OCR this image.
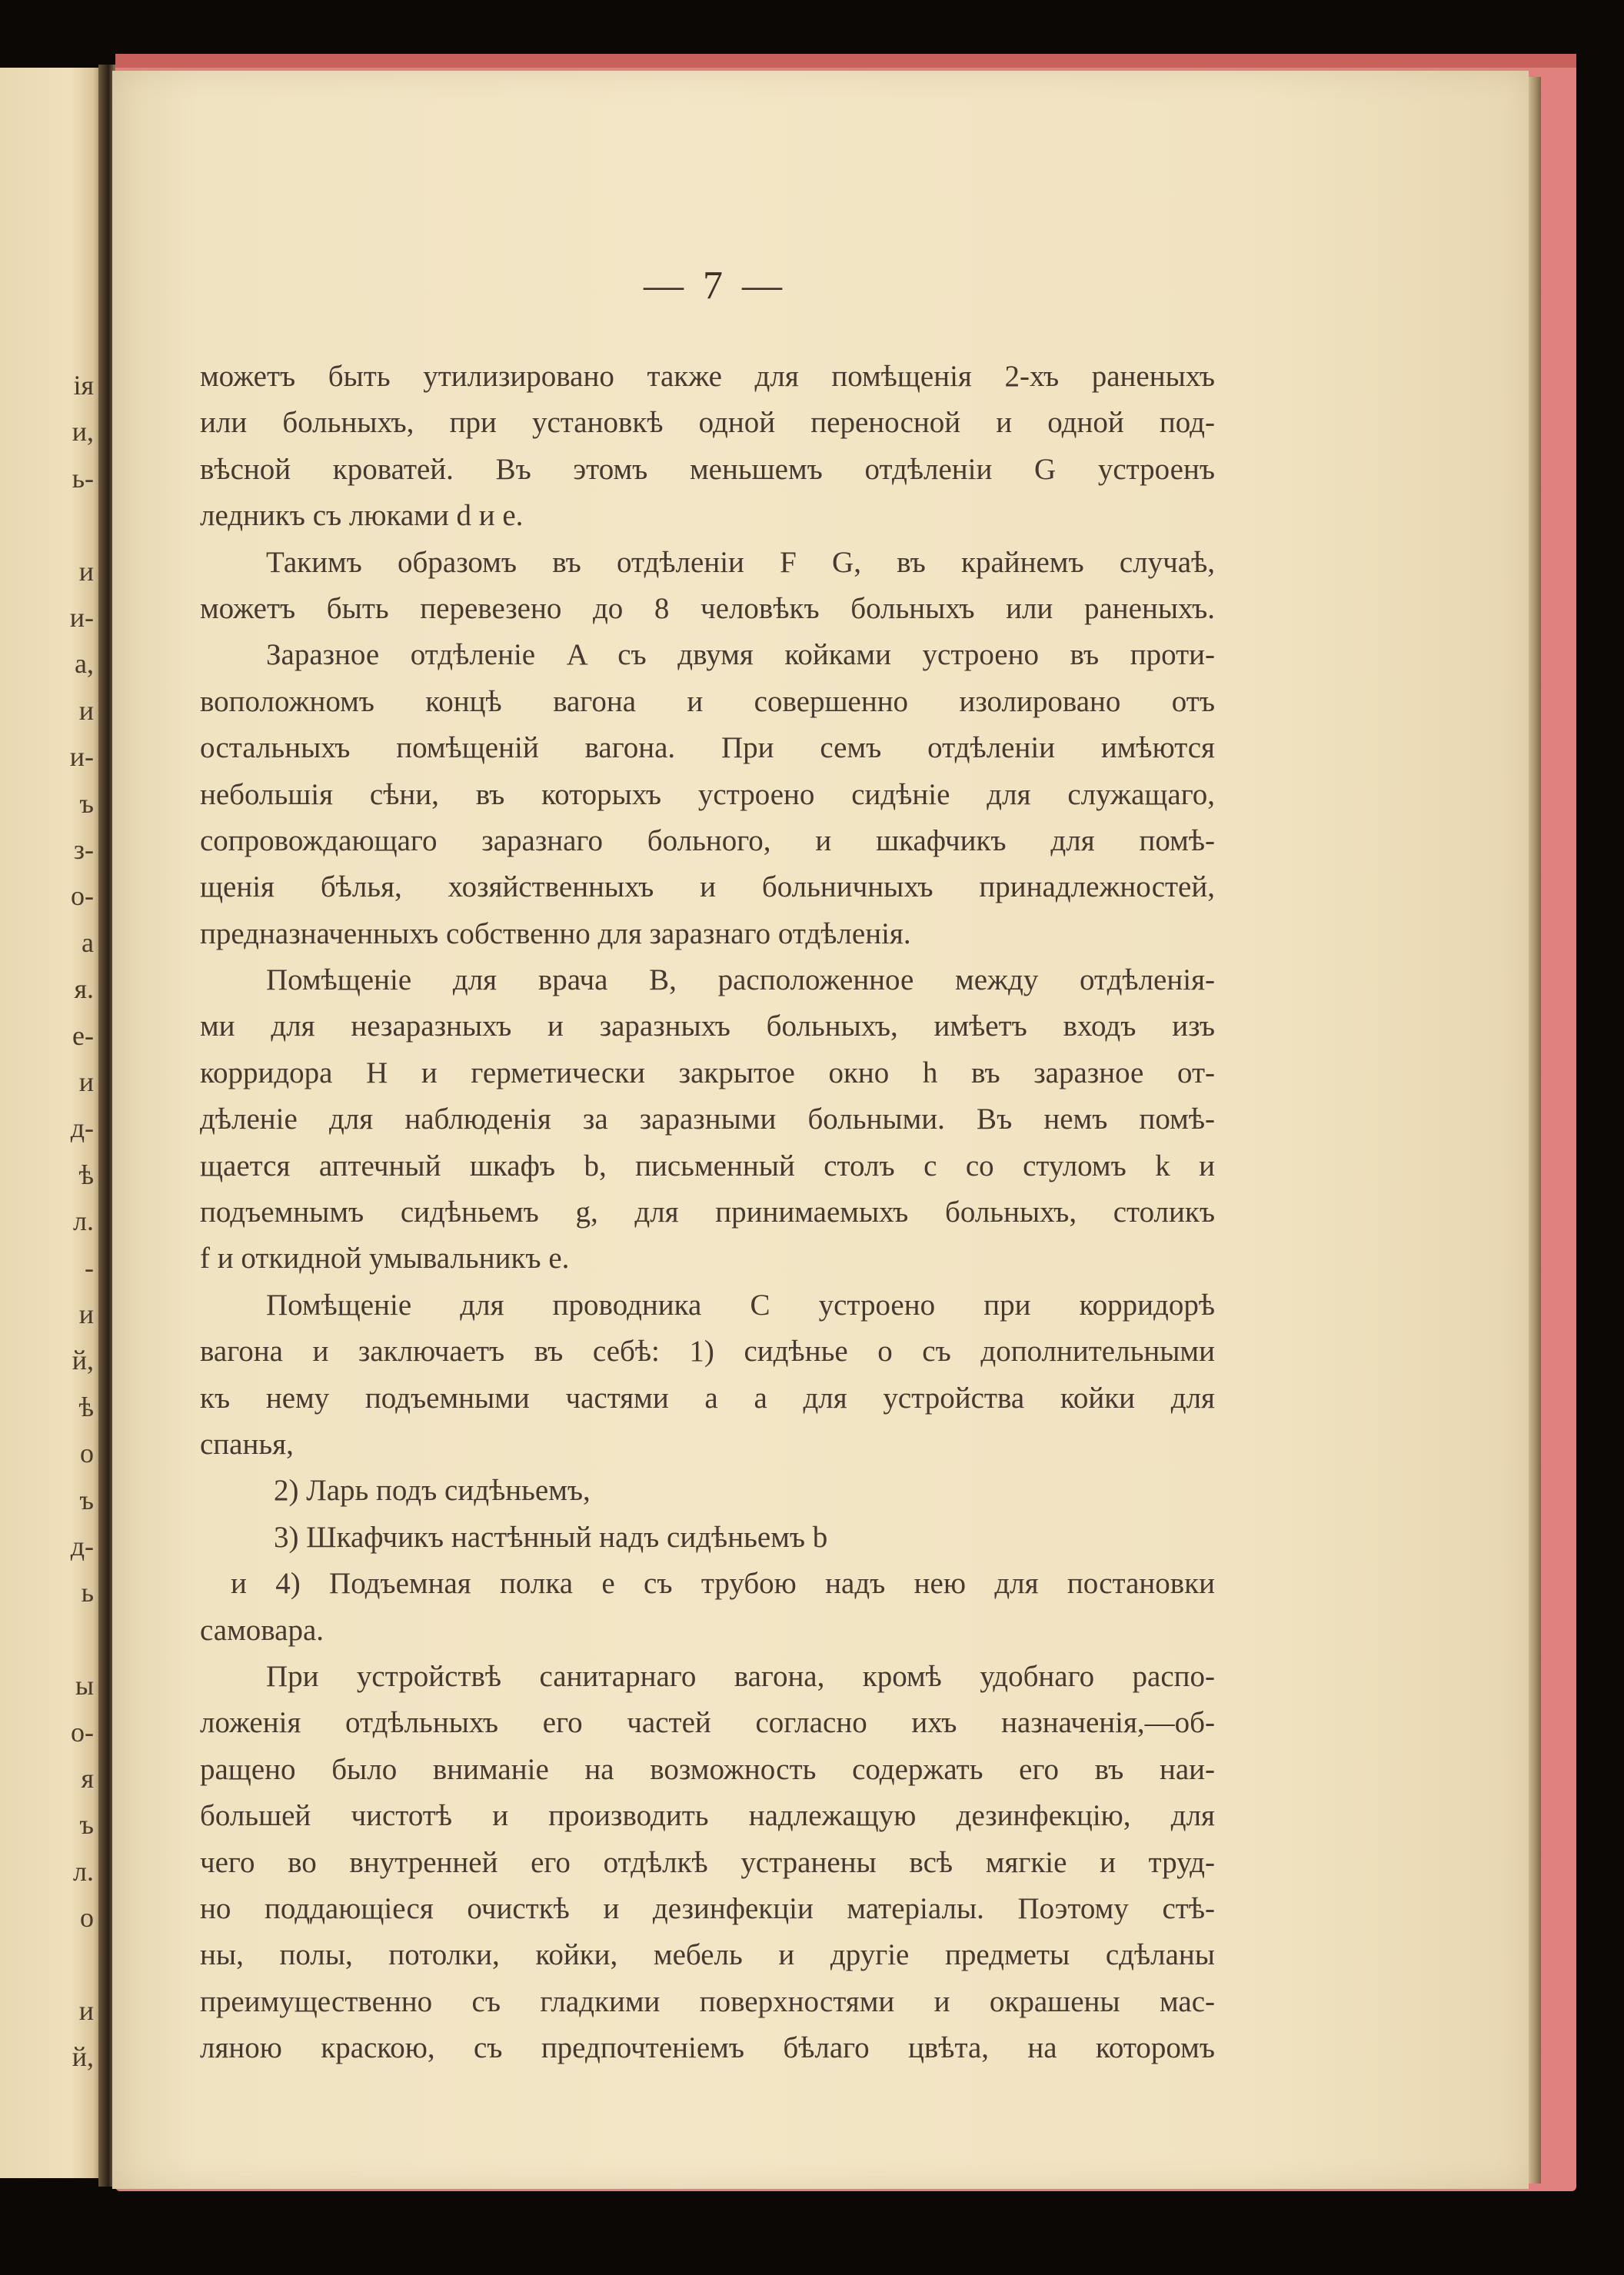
ія
и,
ь-
и
и-
а,
и
и-
ъ
з-
о-
а
я.
е-
и
д-
ѣ
л.
-
и
й,
ѣ
о
ъ
д-
ь
ы
о-
я
ъ
л.
о
и
й,
— 7 —
можетъ быть утилизировано также для помѣщенія 2-хъ раненыхъ
или больныхъ, при установкѣ одной переносной и одной под-
вѣсной кроватей. Въ этомъ меньшемъ отдѣленіи G устроенъ
ледникъ съ люками d и e.
Такимъ образомъ въ отдѣленіи F G, въ крайнемъ случаѣ,
можетъ быть перевезено до 8 человѣкъ больныхъ или раненыхъ.
Заразное отдѣленіе A съ двумя койками устроено въ проти-
воположномъ концѣ вагона и совершенно изолировано отъ
остальныхъ помѣщеній вагона. При семъ отдѣленіи имѣются
небольшія сѣни, въ которыхъ устроено сидѣніе для служащаго,
сопровождающаго заразнаго больного, и шкафчикъ для помѣ-
щенія бѣлья, хозяйственныхъ и больничныхъ принадлежностей,
предназначенныхъ собственно для заразнаго отдѣленія.
Помѣщеніе для врача B, расположенное между отдѣленія-
ми для незаразныхъ и заразныхъ больныхъ, имѣетъ входъ изъ
корридора H и герметически закрытое окно h въ заразное от-
дѣленіе для наблюденія за заразными больными. Въ немъ помѣ-
щается аптечный шкафъ b, письменный столъ c со стуломъ k и
подъемнымъ сидѣньемъ g, для принимаемыхъ больныхъ, столикъ
f и откидной умывальникъ e.
Помѣщеніе для проводника C устроено при корридорѣ
вагона и заключаетъ въ себѣ: 1) сидѣнье o съ дополнительными
къ нему подъемными частями a a для устройства койки для
спанья,
2) Ларь подъ сидѣньемъ,
3) Шкафчикъ настѣнный надъ сидѣньемъ b
и 4) Подъемная полка e съ трубою надъ нею для постановки
самовара.
При устройствѣ санитарнаго вагона, кромѣ удобнаго распо-
ложенія отдѣльныхъ его частей согласно ихъ назначенія,—об-
ращено было вниманіе на возможность содержать его въ наи-
большей чистотѣ и производить надлежащую дезинфекцію, для
чего во внутренней его отдѣлкѣ устранены всѣ мягкіе и труд-
но поддающіеся очисткѣ и дезинфекціи матеріалы. Поэтому стѣ-
ны, полы, потолки, койки, мебель и другіе предметы сдѣланы
преимущественно съ гладкими поверхностями и окрашены мас-
ляною краскою, съ предпочтеніемъ бѣлаго цвѣта, на которомъ
